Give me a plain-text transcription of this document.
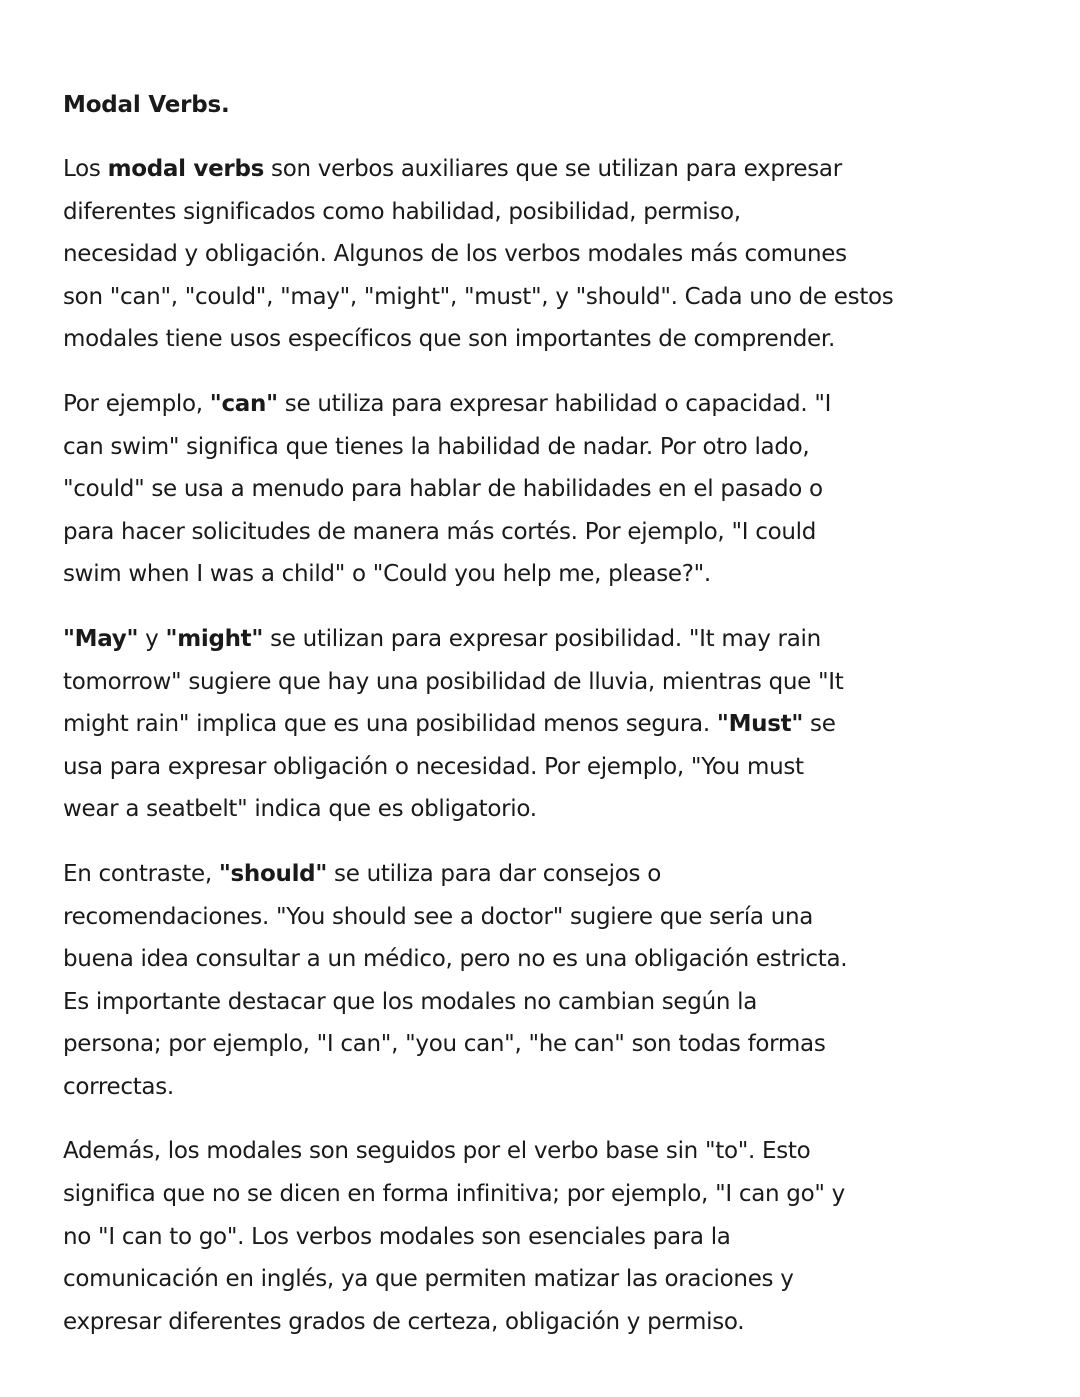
Modal Verbs.

Los modal verbs son verbos auxiliares que se utilizan para expresar
diferentes significados como habilidad, posibilidad, permiso,
necesidad y obligación. Algunos de los verbos modales más comunes
son "can", "could", "may", "might", "must", y "should". Cada uno de estos
modales tiene usos específicos que son importantes de comprender.

Por ejemplo, "can" se utiliza para expresar habilidad o capacidad. "I
can swim" significa que tienes la habilidad de nadar. Por otro lado,
"could" se usa a menudo para hablar de habilidades en el pasado o
para hacer solicitudes de manera más cortés. Por ejemplo, "I could
swim when I was a child" o "Could you help me, please?".

"May" y "might" se utilizan para expresar posibilidad. "It may rain
tomorrow" sugiere que hay una posibilidad de lluvia, mientras que "It
might rain" implica que es una posibilidad menos segura. "Must" se
usa para expresar obligación o necesidad. Por ejemplo, "You must
wear a seatbelt" indica que es obligatorio.

En contraste, "should" se utiliza para dar consejos o
recomendaciones. "You should see a doctor" sugiere que sería una
buena idea consultar a un médico, pero no es una obligación estricta.
Es importante destacar que los modales no cambian según la
persona; por ejemplo, "I can", "you can", "he can" son todas formas
correctas.

Además, los modales son seguidos por el verbo base sin "to". Esto
significa que no se dicen en forma infinitiva; por ejemplo, "I can go" y
no "I can to go". Los verbos modales son esenciales para la
comunicación en inglés, ya que permiten matizar las oraciones y
expresar diferentes grados de certeza, obligación y permiso.
